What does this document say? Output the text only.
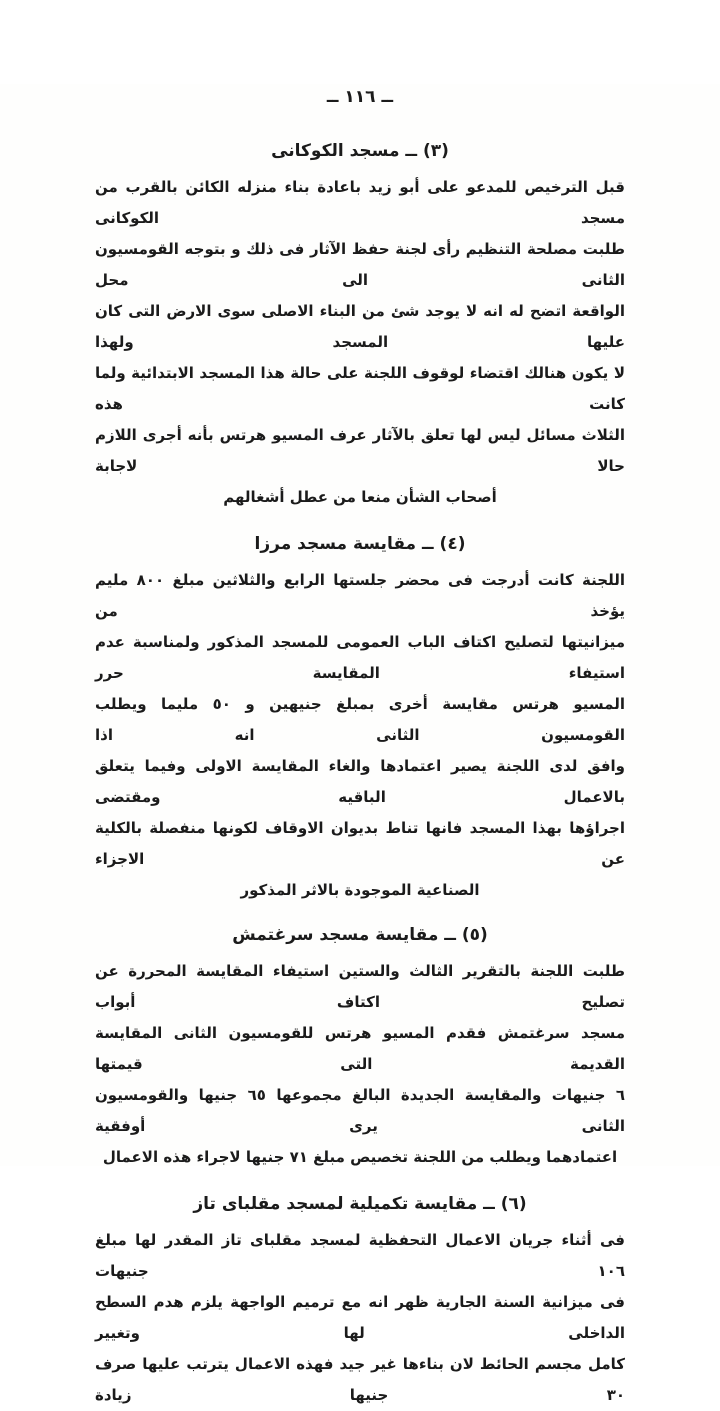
ــ ١١٦ ــ
(٣) ــ مسجد الكوكانى
قبل الترخيص للمدعو على أبو زيد باعادة بناء منزله الكائن بالقرب من مسجد الكوكانى
طلبت مصلحة التنظيم رأى لجنة حفظ الآثار فى ذلك و بتوجه القومسيون الثانى الى محل
الواقعة اتضح له انه لا يوجد شئ من البناء الاصلى سوى الارض التى كان عليها المسجد ولهذا
لا يكون هنالك اقتضاء لوقوف اللجنة على حالة هذا المسجد الابتدائية ولما كانت هذه
الثلاث مسائل ليس لها تعلق بالآثار عرف المسيو هرتس بأنه أجرى اللازم حالا لاجابة
أصحاب الشأن منعا من عطل أشغالهم
(٤) ــ مقايسة مسجد مرزا
اللجنة كانت أدرجت فى محضر جلستها الرابع والثلاثين مبلغ ٨٠٠ مليم يؤخذ من
ميزانيتها لتصليح اكتاف الباب العمومى للمسجد المذكور ولمناسبة عدم استيفاء المقايسة حرر
المسيو هرتس مقايسة أخرى بمبلغ جنيهين و ٥٠ مليما ويطلب القومسيون الثانى انه اذا
وافق لدى اللجنة يصير اعتمادها والغاء المقايسة الاولى وفيما يتعلق بالاعمال الباقيه ومقتضى
اجراؤها بهذا المسجد فانها تناط بديوان الاوقاف لكونها منفصلة بالكلية عن الاجزاء
الصناعية الموجودة بالاثر المذكور
(٥) ــ مقايسة مسجد سرغتمش
طلبت اللجنة بالتقرير الثالث والستين استيفاء المقايسة المحررة عن تصليح اكتاف أبواب
مسجد سرغتمش فقدم المسيو هرتس للقومسيون الثانى المقايسة القديمة التى قيمتها
٦ جنيهات والمقايسة الجديدة البالغ مجموعها ٦٥ جنيها والقومسيون الثانى يرى أوفقية
اعتمادهما ويطلب من اللجنة تخصيص مبلغ ٧١ جنيها لاجراء هذه الاعمال
(٦) ــ مقايسة تكميلية لمسجد مقلباى تاز
فى أثناء جريان الاعمال التحفظية لمسجد مقلباى تاز المقدر لها مبلغ ١٠٦ جنيهات
فى ميزانية السنة الجارية ظهر انه مع ترميم الواجهة يلزم هدم السطح الداخلى لها وتغيير
كامل مجسم الحائط لان بناءها غير جيد فهذه الاعمال يترتب عليها صرف ٣٠ جنيها زيادة
